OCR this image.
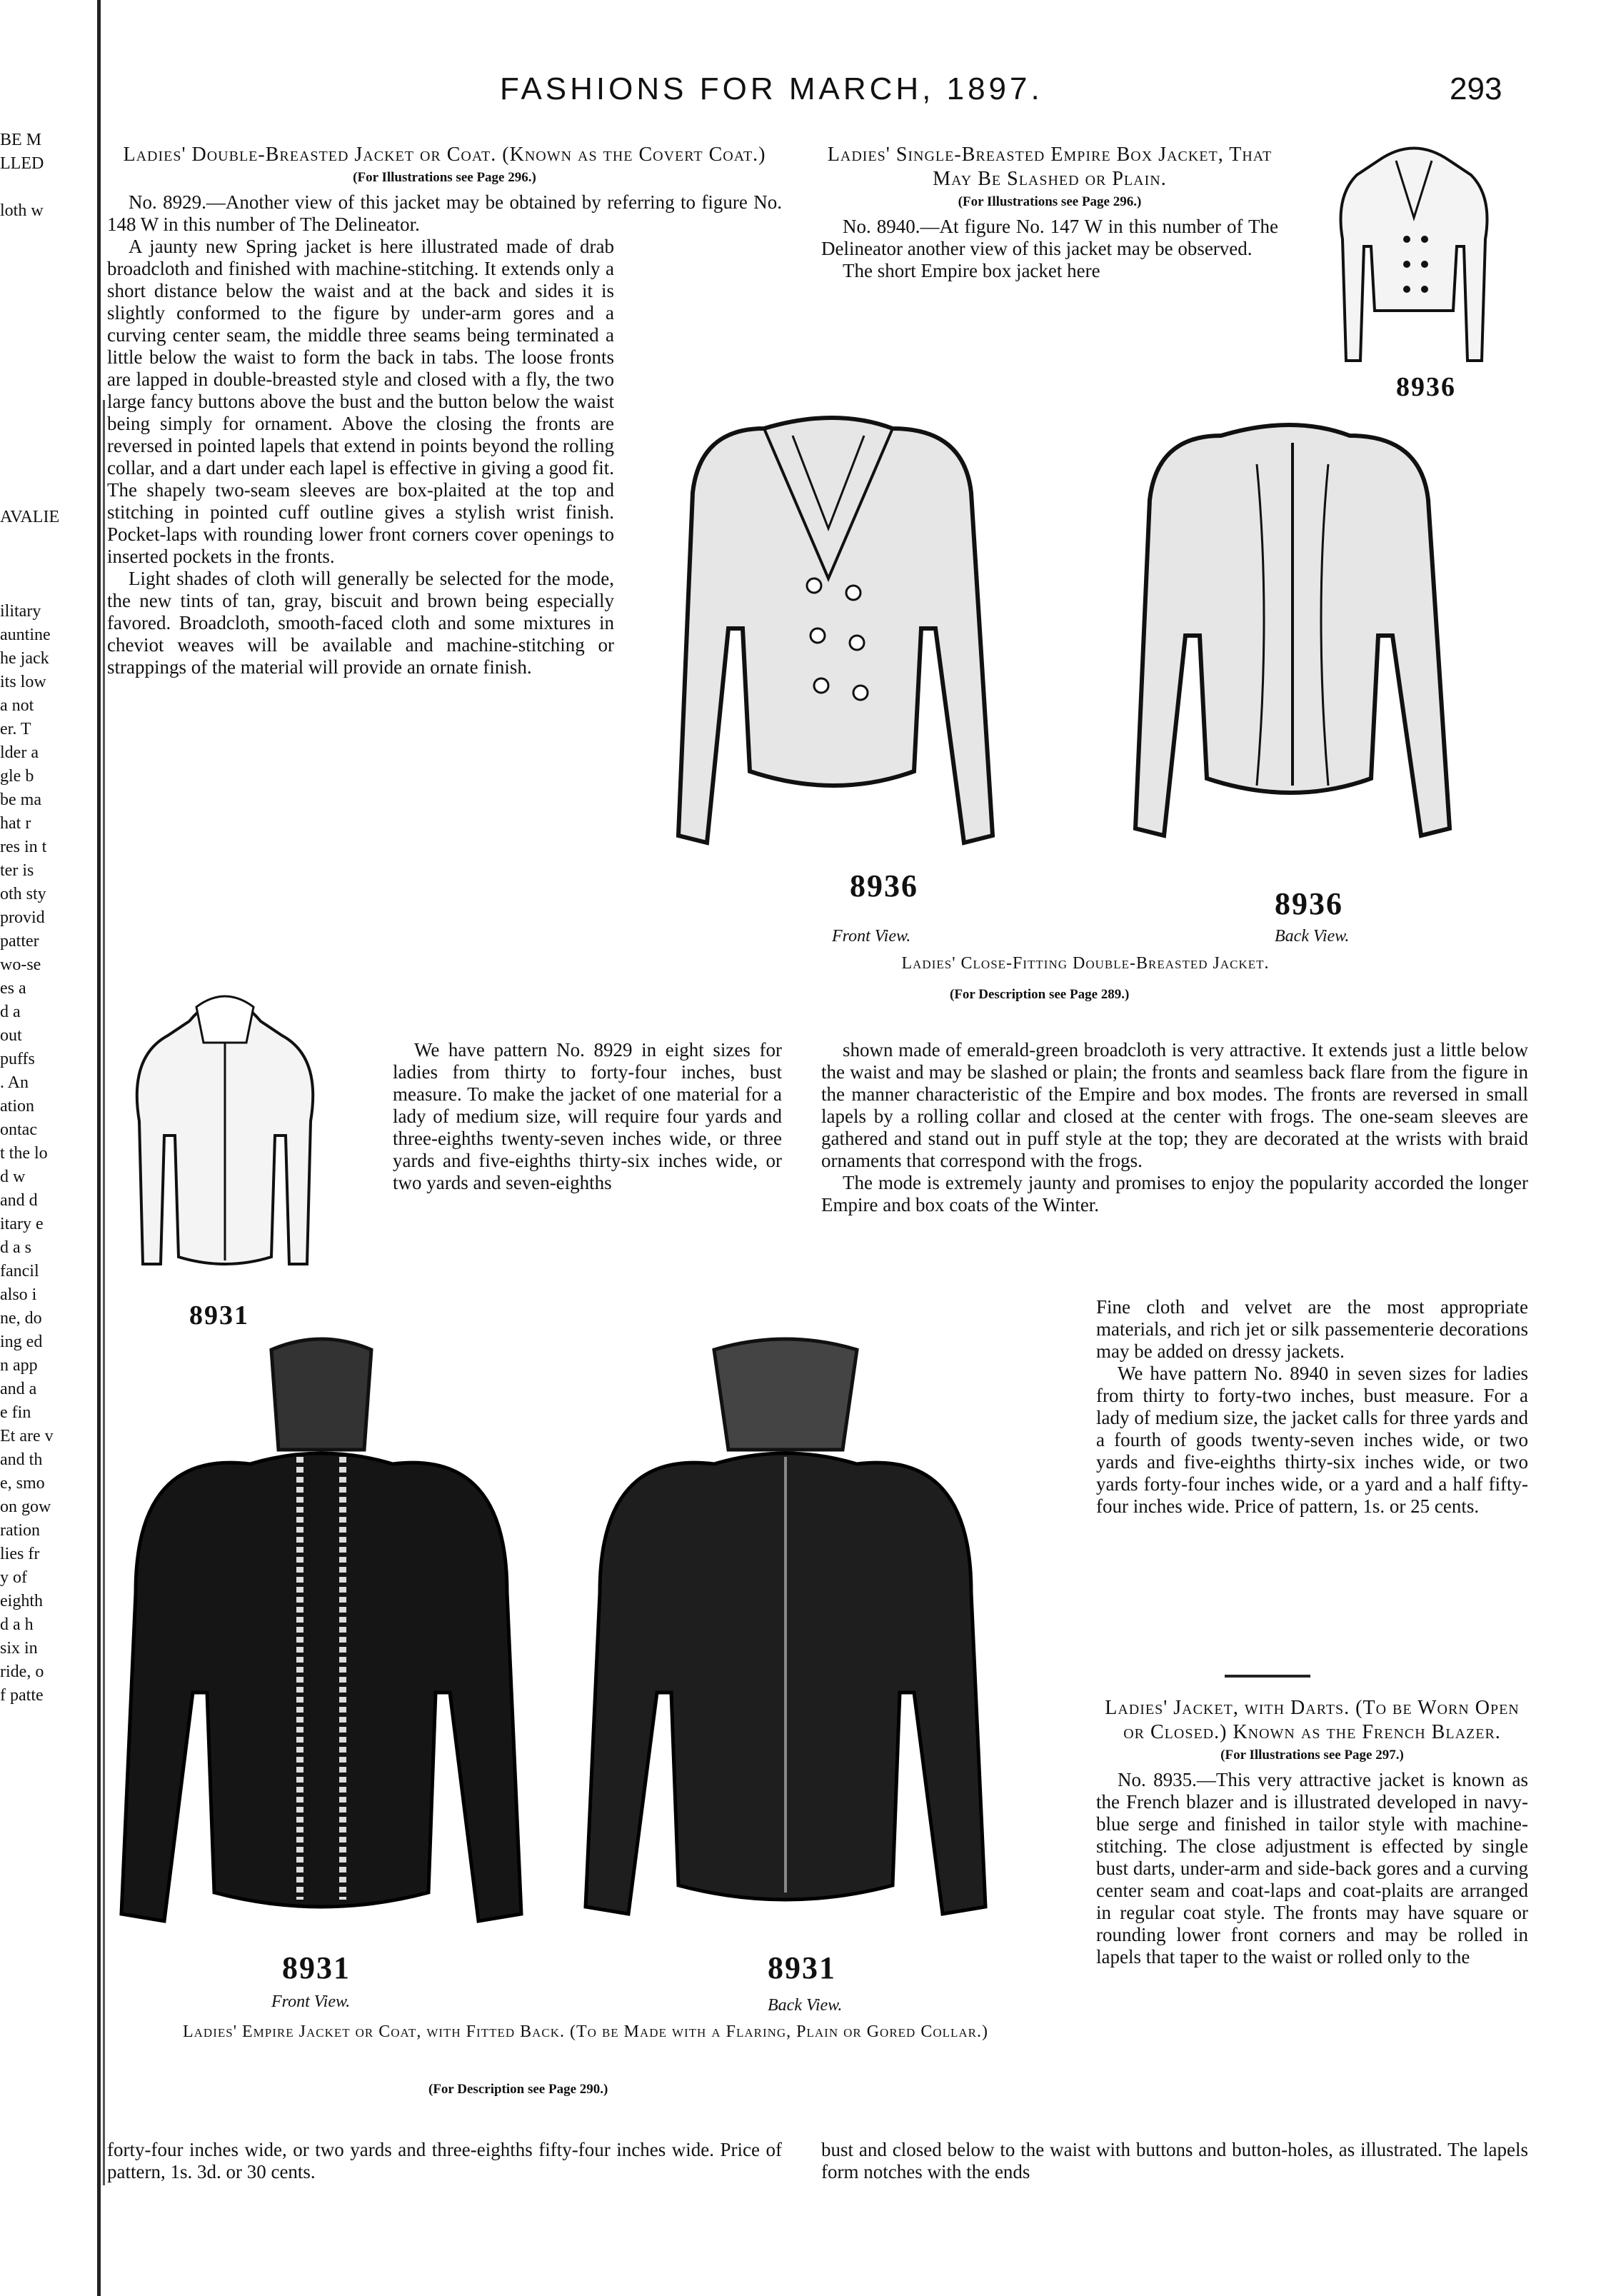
BE M
LLED

loth w

AVALIE

ilitary
auntine
he jack
its low
a not
er. T
lder a
gle b
be ma
hat r
res in t
ter is
oth sty
provid
patter
wo-se
es a
d a
out
puffs
. An
ation
ontac
t the lo
d w
and d
itary e
d a s
fancil
also i
ne, do
ing ed
n app
and a
e fin
Et are v
and th
e, smo
on gow
ration
lies fr
y of
eighth
d a h
six in
ride, o
f patte
FASHIONS FOR MARCH, 1897.	293

Ladies' Double-Breasted Jacket or Coat. (Known as the Covert Coat.)

(For Illustrations see Page 296.)

No. 8929.—Another view of this jacket may be obtained by referring to figure No. 148 W in this number of The Delineator.

A jaunty new Spring jacket is here illustrated made of drab broadcloth and finished with machine-stitching. It extends only a short distance below the waist and at the back and sides it is slightly conformed to the figure by under-arm gores and a curving center seam, the middle three seams being terminated a little below the waist to form the back in tabs. The loose fronts are lapped in double-breasted style and closed with a fly, the two large fancy buttons above the bust and the button below the waist being simply for ornament. Above the closing the fronts are reversed in pointed lapels that extend in points beyond the rolling collar, and a dart under each lapel is effective in giving a good fit. The shapely two-seam sleeves are box-plaited at the top and stitching in pointed cuff outline gives a stylish wrist finish. Pocket-laps with rounding lower front corners cover openings to inserted pockets in the fronts.

Light shades of cloth will generally be selected for the mode, the new tints of tan, gray, biscuit and brown being especially favored. Broadcloth, smooth-faced cloth and some mixtures in cheviot weaves will be available and machine-stitching or strappings of the material will provide an ornate finish.

We have pattern No. 8929 in eight sizes for ladies from thirty to forty-four inches, bust measure. To make the jacket of one material for a lady of medium size, will require four yards and three-eighths twenty-seven inches wide, or three yards and five-eighths thirty-six inches wide, or two yards and seven-eighths

forty-four inches wide, or two yards and three-eighths fifty-four inches wide. Price of pattern, 1s. 3d. or 30 cents.

Ladies' Single-Breasted Empire Box Jacket, That May Be Slashed or Plain.

(For Illustrations see Page 296.)

No. 8940.—At figure No. 147 W in this number of The Delineator another view of this jacket may be observed.

The short Empire box jacket here

shown made of emerald-green broadcloth is very attractive. It extends just a little below the waist and may be slashed or plain; the fronts and seamless back flare from the figure in the manner characteristic of the Empire and box modes. The fronts are reversed in small lapels by a rolling collar and closed at the center with frogs. The one-seam sleeves are gathered and stand out in puff style at the top; they are decorated at the wrists with braid ornaments that correspond with the frogs.

The mode is extremely jaunty and promises to enjoy the popularity accorded the longer Empire and box coats of the Winter.

Fine cloth and velvet are the most appropriate materials, and rich jet or silk passementerie decorations may be added on dressy jackets.

We have pattern No. 8940 in seven sizes for ladies from thirty to forty-two inches, bust measure. For a lady of medium size, the jacket calls for three yards and a fourth of goods twenty-seven inches wide, or two yards and five-eighths thirty-six inches wide, or two yards forty-four inches wide, or a yard and a half fifty-four inches wide. Price of pattern, 1s. or 25 cents.

Ladies' Jacket, with Darts. (To be Worn Open or Closed.) Known as the French Blazer.

(For Illustrations see Page 297.)

No. 8935.—This very attractive jacket is known as the French blazer and is illustrated developed in navy-blue serge and finished in tailor style with machine-stitching. The close adjustment is effected by single bust darts, under-arm and side-back gores and a curving center seam and coat-laps and coat-plaits are arranged in regular coat style. The fronts may have square or rounding lower front corners and may be rolled in lapels that taper to the waist or rolled only to the

bust and closed below to the waist with buttons and button-holes, as illustrated. The lapels form notches with the ends

8936
8936
8936
Front View.	Back View.
Ladies' Close-Fitting Double-Breasted Jacket.
(For Description see Page 289.)
8931
8931	8931
Front View.	Back View.
Ladies' Empire Jacket or Coat, with Fitted Back. (To be Made with a Flaring, Plain or Gored Collar.)
(For Description see Page 290.)
